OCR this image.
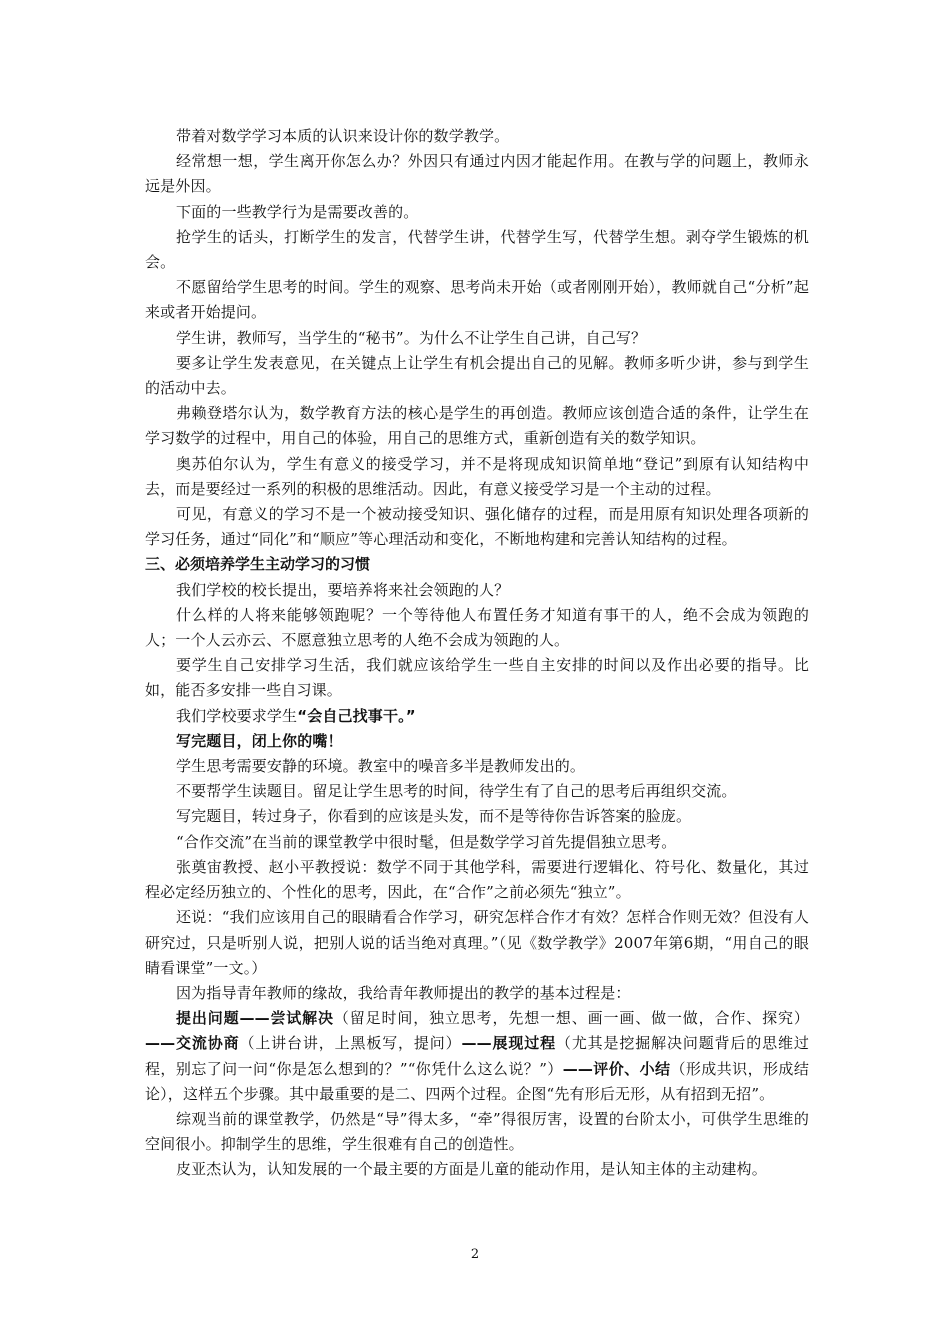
带着对数学学习本质的认识来设计你的数学教学。

经常想一想，学生离开你怎么办？外因只有通过内因才能起作用。在教与学的问题上，教师永远是外因。

下面的一些教学行为是需要改善的。

抢学生的话头，打断学生的发言，代替学生讲，代替学生写，代替学生想。剥夺学生锻炼的机会。

不愿留给学生思考的时间。学生的观察、思考尚未开始（或者刚刚开始），教师就自己“分析”起来或者开始提问。

学生讲，教师写，当学生的“秘书”。为什么不让学生自己讲，自己写？

要多让学生发表意见，在关键点上让学生有机会提出自己的见解。教师多听少讲，参与到学生的活动中去。

弗赖登塔尔认为，数学教育方法的核心是学生的再创造。教师应该创造合适的条件，让学生在学习数学的过程中，用自己的体验，用自己的思维方式，重新创造有关的数学知识。

奥苏伯尔认为，学生有意义的接受学习，并不是将现成知识简单地“登记”到原有认知结构中去，而是要经过一系列的积极的思维活动。因此，有意义接受学习是一个主动的过程。

可见，有意义的学习不是一个被动接受知识、强化储存的过程，而是用原有知识处理各项新的学习任务，通过“同化”和“顺应”等心理活动和变化，不断地构建和完善认知结构的过程。

三、必须培养学生主动学习的习惯

我们学校的校长提出，要培养将来社会领跑的人？

什么样的人将来能够领跑呢？一个等待他人布置任务才知道有事干的人，绝不会成为领跑的人；一个人云亦云、不愿意独立思考的人绝不会成为领跑的人。

要学生自己安排学习生活，我们就应该给学生一些自主安排的时间以及作出必要的指导。比如，能否多安排一些自习课。

我们学校要求学生“会自己找事干。”

写完题目，闭上你的嘴！

学生思考需要安静的环境。教室中的噪音多半是教师发出的。

不要帮学生读题目。留足让学生思考的时间，待学生有了自己的思考后再组织交流。

写完题目，转过身子，你看到的应该是头发，而不是等待你告诉答案的脸庞。

“合作交流”在当前的课堂教学中很时髦，但是数学学习首先提倡独立思考。

张奠宙教授、赵小平教授说：数学不同于其他学科，需要进行逻辑化、符号化、数量化，其过程必定经历独立的、个性化的思考，因此，在“合作”之前必须先“独立”。

还说：“我们应该用自己的眼睛看合作学习，研究怎样合作才有效？怎样合作则无效？但没有人研究过，只是听别人说，把别人说的话当绝对真理。”（见《数学教学》2007年第6期，“用自己的眼睛看课堂”一文。）

因为指导青年教师的缘故，我给青年教师提出的教学的基本过程是：

提出问题——尝试解决（留足时间，独立思考，先想一想、画一画、做一做，合作、探究）——交流协商（上讲台讲，上黑板写，提问）——展现过程（尤其是挖掘解决问题背后的思维过程，别忘了问一问“你是怎么想到的？”“你凭什么这么说？”）——评价、小结（形成共识，形成结论），这样五个步骤。其中最重要的是二、四两个过程。企图“先有形后无形，从有招到无招”。

综观当前的课堂教学，仍然是“导”得太多，“牵”得很厉害，设置的台阶太小，可供学生思维的空间很小。抑制学生的思维，学生很难有自己的创造性。

皮亚杰认为，认知发展的一个最主要的方面是儿童的能动作用，是认知主体的主动建构。

2
